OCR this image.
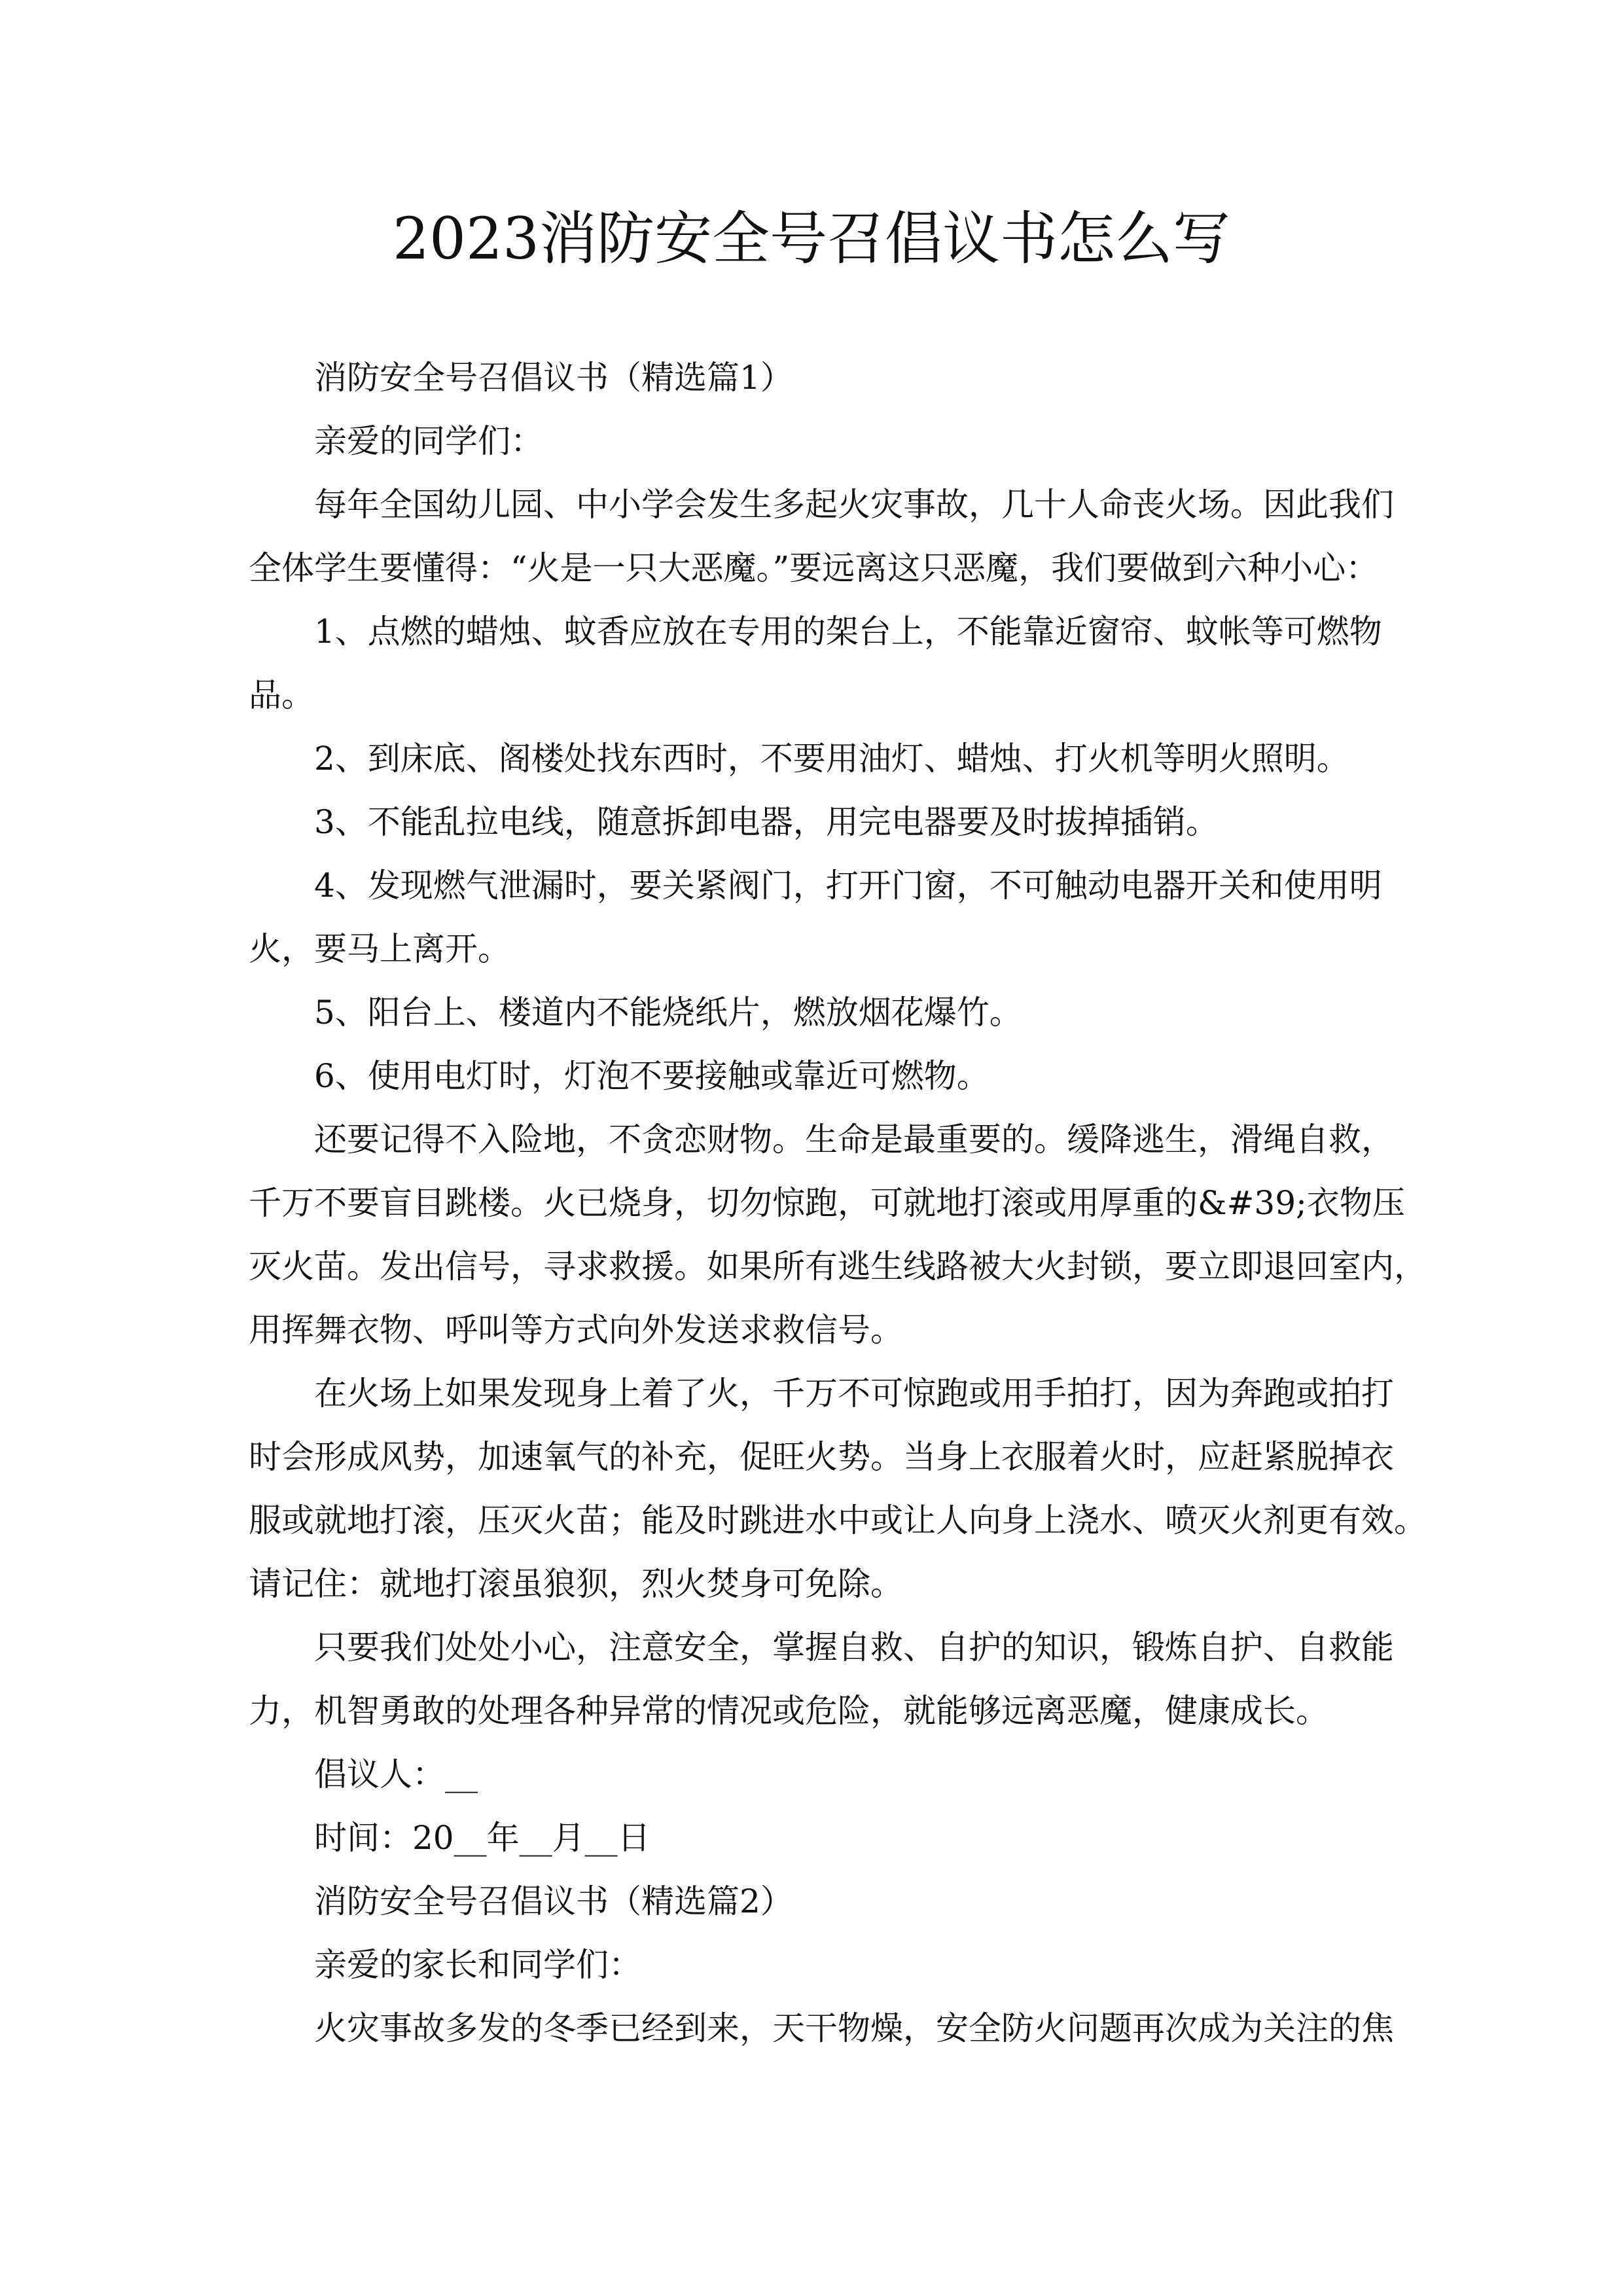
2023消防安全号召倡议书怎么写
消防安全号召倡议书（精选篇1）
亲爱的同学们：
每年全国幼儿园、中小学会发生多起火灾事故，几十人命丧火场。因此我们
全体学生要懂得：“火是一只大恶魔。”要远离这只恶魔，我们要做到六种小心：
1、点燃的蜡烛、蚊香应放在专用的架台上，不能靠近窗帘、蚊帐等可燃物
品。
2、到床底、阁楼处找东西时，不要用油灯、蜡烛、打火机等明火照明。
3、不能乱拉电线，随意拆卸电器，用完电器要及时拔掉插销。
4、发现燃气泄漏时，要关紧阀门，打开门窗，不可触动电器开关和使用明
火，要马上离开。
5、阳台上、楼道内不能烧纸片，燃放烟花爆竹。
6、使用电灯时，灯泡不要接触或靠近可燃物。
还要记得不入险地，不贪恋财物。生命是最重要的。缓降逃生，滑绳自救，
千万不要盲目跳楼。火已烧身，切勿惊跑，可就地打滚或用厚重的&#39;衣物压
灭火苗。发出信号，寻求救援。如果所有逃生线路被大火封锁，要立即退回室内，
用挥舞衣物、呼叫等方式向外发送求救信号。
在火场上如果发现身上着了火，千万不可惊跑或用手拍打，因为奔跑或拍打
时会形成风势，加速氧气的补充，促旺火势。当身上衣服着火时，应赶紧脱掉衣
服或就地打滚，压灭火苗；能及时跳进水中或让人向身上浇水、喷灭火剂更有效。
请记住：就地打滚虽狼狈，烈火焚身可免除。
只要我们处处小心，注意安全，掌握自救、自护的知识，锻炼自护、自救能
力，机智勇敢的处理各种异常的情况或危险，就能够远离恶魔，健康成长。
倡议人：__
时间：20__年__月__日
消防安全号召倡议书（精选篇2）
亲爱的家长和同学们：
火灾事故多发的冬季已经到来，天干物燥，安全防火问题再次成为关注的焦
